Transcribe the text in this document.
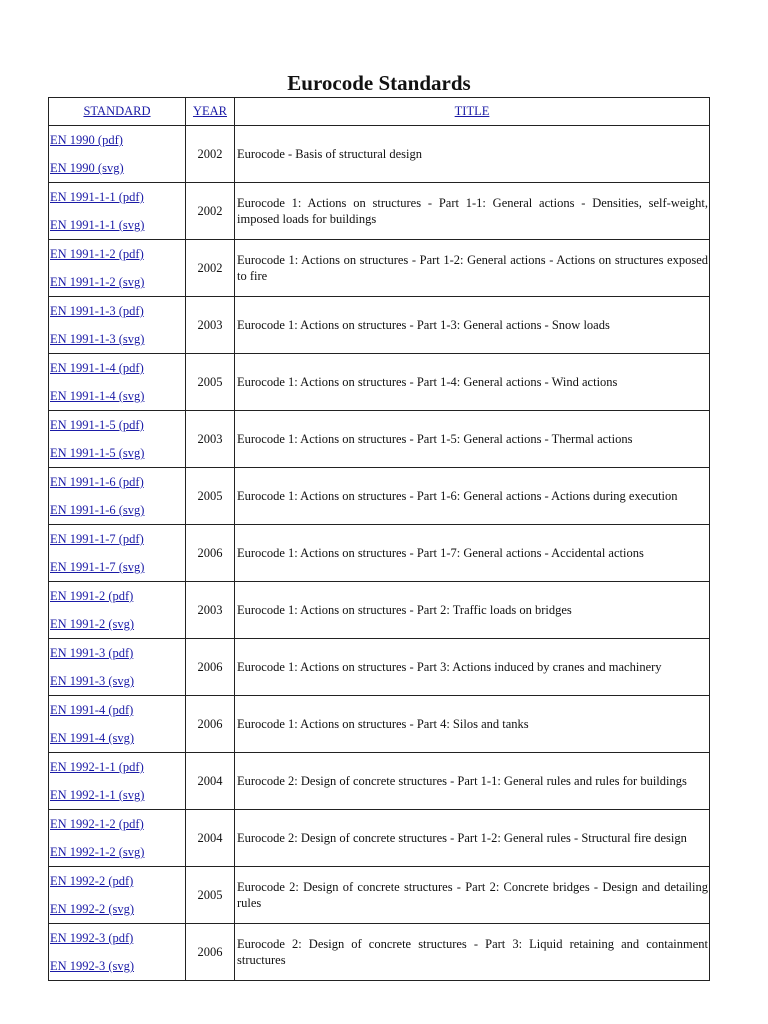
Eurocode Standards
STANDARD	YEAR	TITLE

EN 1990 (pdf)
EN 1990 (svg)	2002	Eurocode - Basis of structural design

EN 1991-1-1 (pdf)
EN 1991-1-1 (svg)	2002	Eurocode 1: Actions on structures - Part 1-1: General actions - Densities, self-weight, imposed loads for buildings

EN 1991-1-2 (pdf)
EN 1991-1-2 (svg)	2002	Eurocode 1: Actions on structures - Part 1-2: General actions - Actions on structures exposed to fire

EN 1991-1-3 (pdf)
EN 1991-1-3 (svg)	2003	Eurocode 1: Actions on structures - Part 1-3: General actions - Snow loads

EN 1991-1-4 (pdf)
EN 1991-1-4 (svg)	2005	Eurocode 1: Actions on structures - Part 1-4: General actions - Wind actions

EN 1991-1-5 (pdf)
EN 1991-1-5 (svg)	2003	Eurocode 1: Actions on structures - Part 1-5: General actions - Thermal actions

EN 1991-1-6 (pdf)
EN 1991-1-6 (svg)	2005	Eurocode 1: Actions on structures - Part 1-6: General actions - Actions during execution

EN 1991-1-7 (pdf)
EN 1991-1-7 (svg)	2006	Eurocode 1: Actions on structures - Part 1-7: General actions - Accidental actions

EN 1991-2 (pdf)
EN 1991-2 (svg)	2003	Eurocode 1: Actions on structures - Part 2: Traffic loads on bridges

EN 1991-3 (pdf)
EN 1991-3 (svg)	2006	Eurocode 1: Actions on structures - Part 3: Actions induced by cranes and machinery

EN 1991-4 (pdf)
EN 1991-4 (svg)	2006	Eurocode 1: Actions on structures - Part 4: Silos and tanks

EN 1992-1-1 (pdf)
EN 1992-1-1 (svg)	2004	Eurocode 2: Design of concrete structures - Part 1-1: General rules and rules for buildings

EN 1992-1-2 (pdf)
EN 1992-1-2 (svg)	2004	Eurocode 2: Design of concrete structures - Part 1-2: General rules - Structural fire design

EN 1992-2 (pdf)
EN 1992-2 (svg)	2005	Eurocode 2: Design of concrete structures - Part 2: Concrete bridges - Design and detailing rules

EN 1992-3 (pdf)
EN 1992-3 (svg)	2006	Eurocode 2: Design of concrete structures - Part 3: Liquid retaining and containment structures
